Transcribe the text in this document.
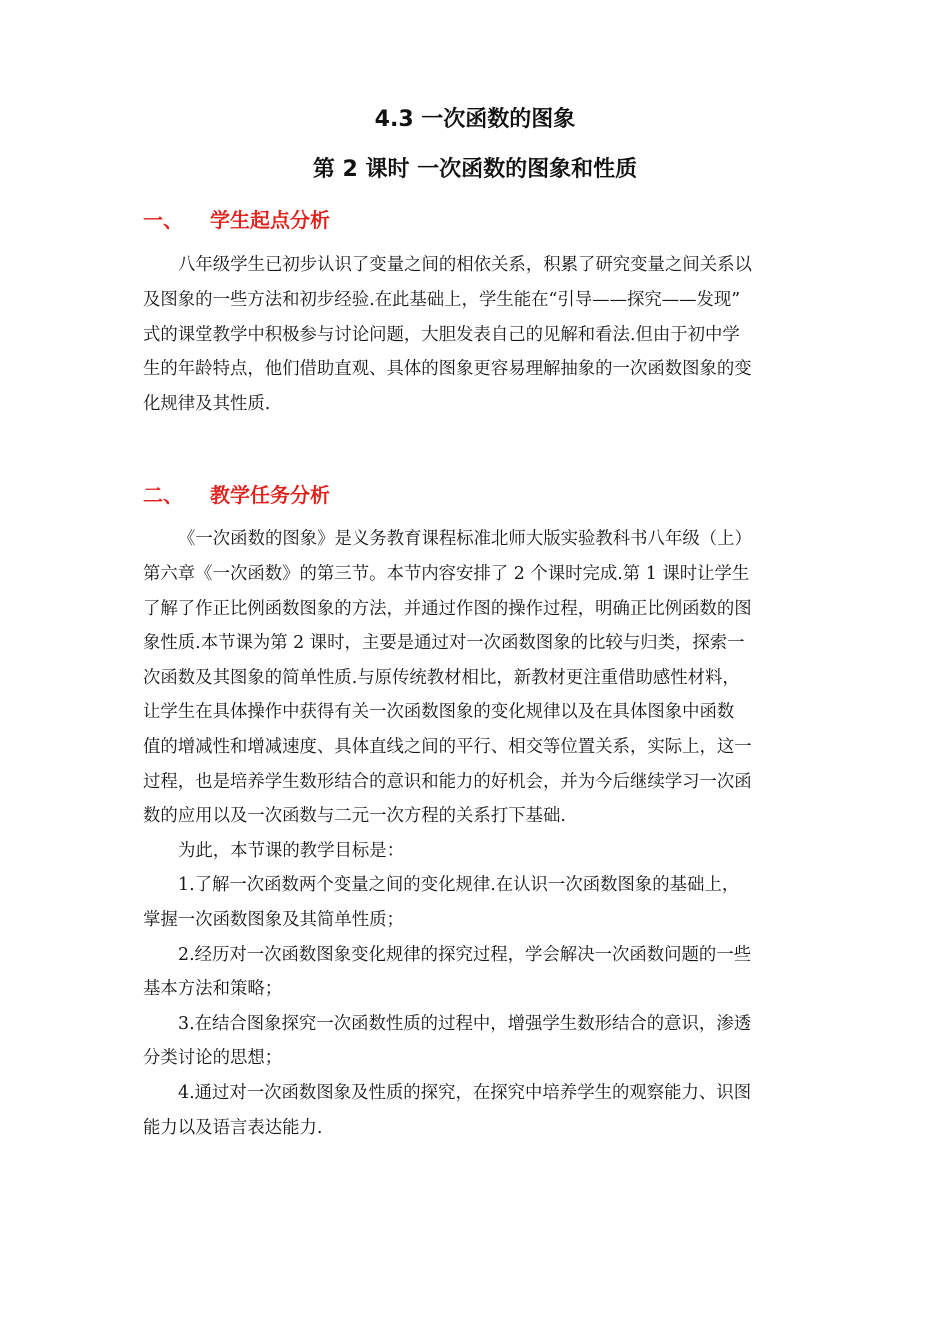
4.3 一次函数的图象
第 2 课时 一次函数的图象和性质
一、 学生起点分析
八年级学生已初步认识了变量之间的相依关系，积累了研究变量之间关系以
及图象的一些方法和初步经验.在此基础上，学生能在“引导——探究——发现”
式的课堂教学中积极参与讨论问题，大胆发表自己的见解和看法.但由于初中学
生的年龄特点，他们借助直观、具体的图象更容易理解抽象的一次函数图象的变
化规律及其性质.
二、 教学任务分析
《一次函数的图象》是义务教育课程标准北师大版实验教科书八年级（上）
第六章《一次函数》的第三节。本节内容安排了 2 个课时完成.第 1 课时让学生
了解了作正比例函数图象的方法，并通过作图的操作过程，明确正比例函数的图
象性质.本节课为第 2 课时，主要是通过对一次函数图象的比较与归类，探索一
次函数及其图象的简单性质.与原传统教材相比，新教材更注重借助感性材料，
让学生在具体操作中获得有关一次函数图象的变化规律以及在具体图象中函数
值的增减性和增减速度、具体直线之间的平行、相交等位置关系，实际上，这一
过程，也是培养学生数形结合的意识和能力的好机会，并为今后继续学习一次函
数的应用以及一次函数与二元一次方程的关系打下基础.
为此，本节课的教学目标是：
1.了解一次函数两个变量之间的变化规律.在认识一次函数图象的基础上，
掌握一次函数图象及其简单性质；
2.经历对一次函数图象变化规律的探究过程，学会解决一次函数问题的一些
基本方法和策略；
3.在结合图象探究一次函数性质的过程中，增强学生数形结合的意识，渗透
分类讨论的思想；
4.通过对一次函数图象及性质的探究，在探究中培养学生的观察能力、识图
能力以及语言表达能力.
